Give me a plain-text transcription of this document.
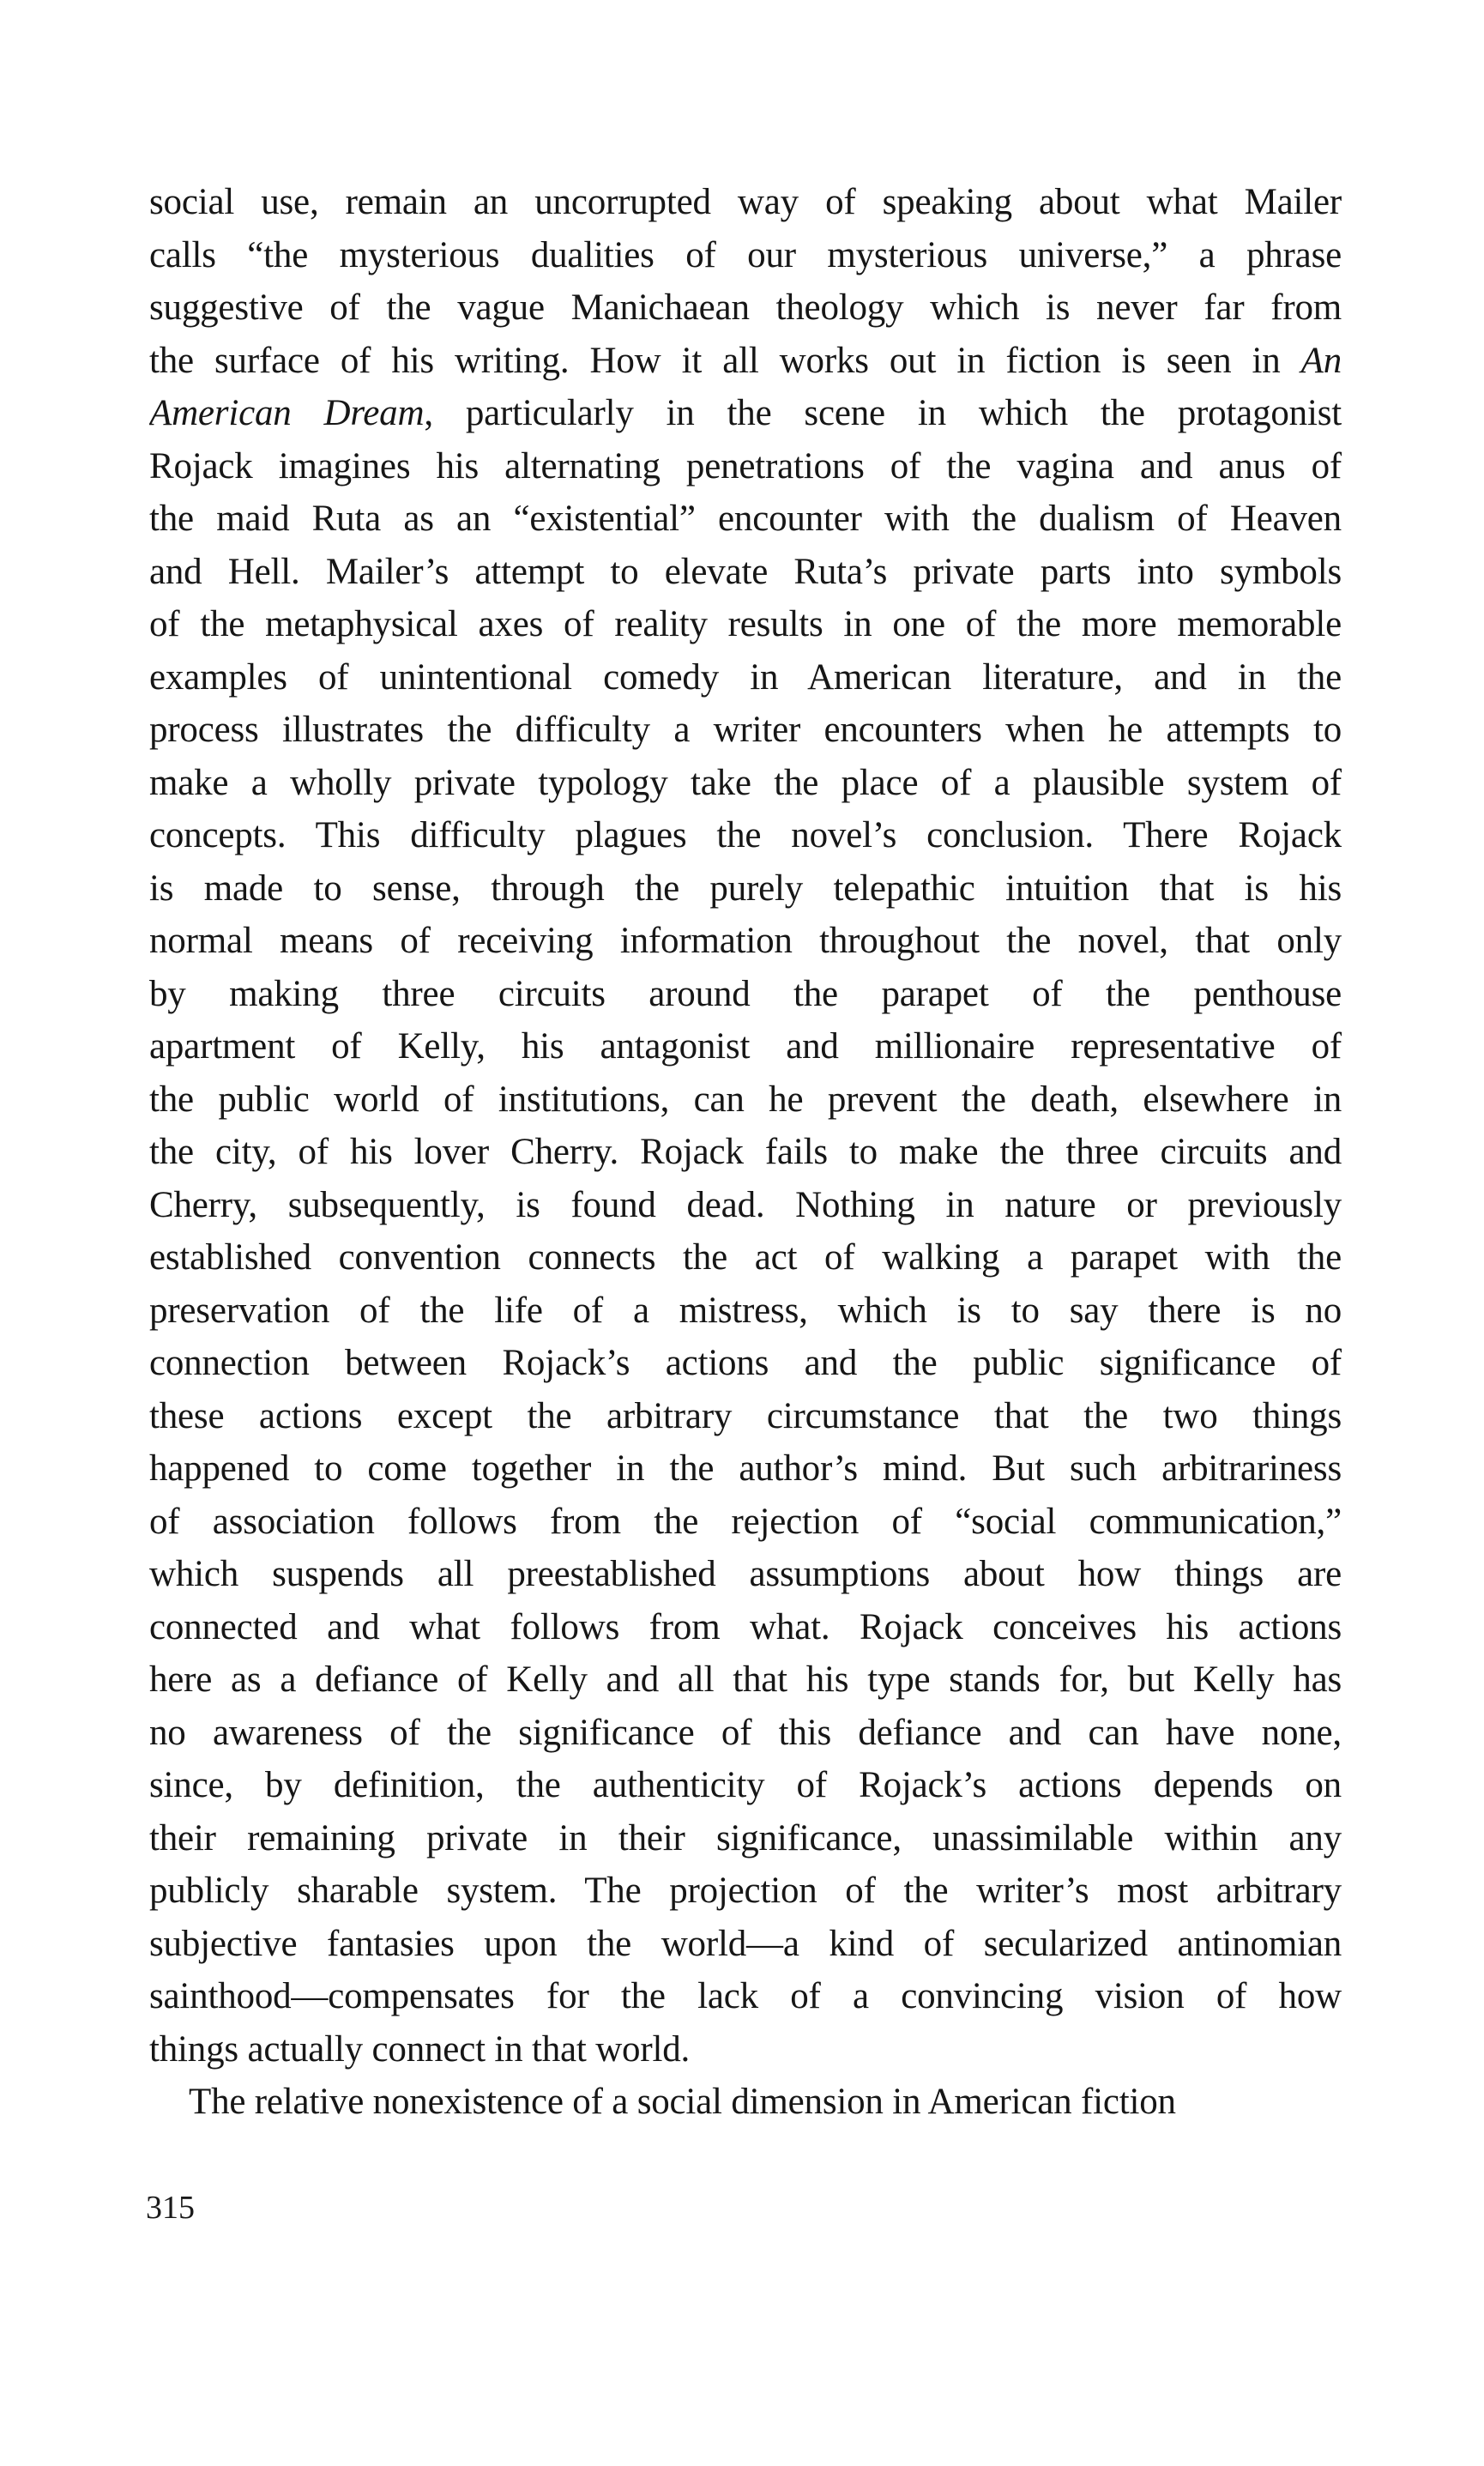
social use, remain an uncorrupted way of speaking about what Mailer
calls “the mysterious dualities of our mysterious universe,” a phrase
suggestive of the vague Manichaean theology which is never far from
the surface of his writing. How it all works out in fiction is seen in An
American Dream, particularly in the scene in which the protagonist
Rojack imagines his alternating penetrations of the vagina and anus of
the maid Ruta as an “existential” encounter with the dualism of Heaven
and Hell. Mailer’s attempt to elevate Ruta’s private parts into symbols
of the metaphysical axes of reality results in one of the more memorable
examples of unintentional comedy in American literature, and in the
process illustrates the difficulty a writer encounters when he attempts to
make a wholly private typology take the place of a plausible system of
concepts. This difficulty plagues the novel’s conclusion. There Rojack
is made to sense, through the purely telepathic intuition that is his
normal means of receiving information throughout the novel, that only
by making three circuits around the parapet of the penthouse
apartment of Kelly, his antagonist and millionaire representative of
the public world of institutions, can he prevent the death, elsewhere in
the city, of his lover Cherry. Rojack fails to make the three circuits and
Cherry, subsequently, is found dead. Nothing in nature or previously
established convention connects the act of walking a parapet with the
preservation of the life of a mistress, which is to say there is no
connection between Rojack’s actions and the public significance of
these actions except the arbitrary circumstance that the two things
happened to come together in the author’s mind. But such arbitrariness
of association follows from the rejection of “social communication,”
which suspends all preestablished assumptions about how things are
connected and what follows from what. Rojack conceives his actions
here as a defiance of Kelly and all that his type stands for, but Kelly has
no awareness of the significance of this defiance and can have none,
since, by definition, the authenticity of Rojack’s actions depends on
their remaining private in their significance, unassimilable within any
publicly sharable system. The projection of the writer’s most arbitrary
subjective fantasies upon the world—a kind of secularized antinomian
sainthood—compensates for the lack of a convincing vision of how
things actually connect in that world.
The relative nonexistence of a social dimension in American fiction
315
